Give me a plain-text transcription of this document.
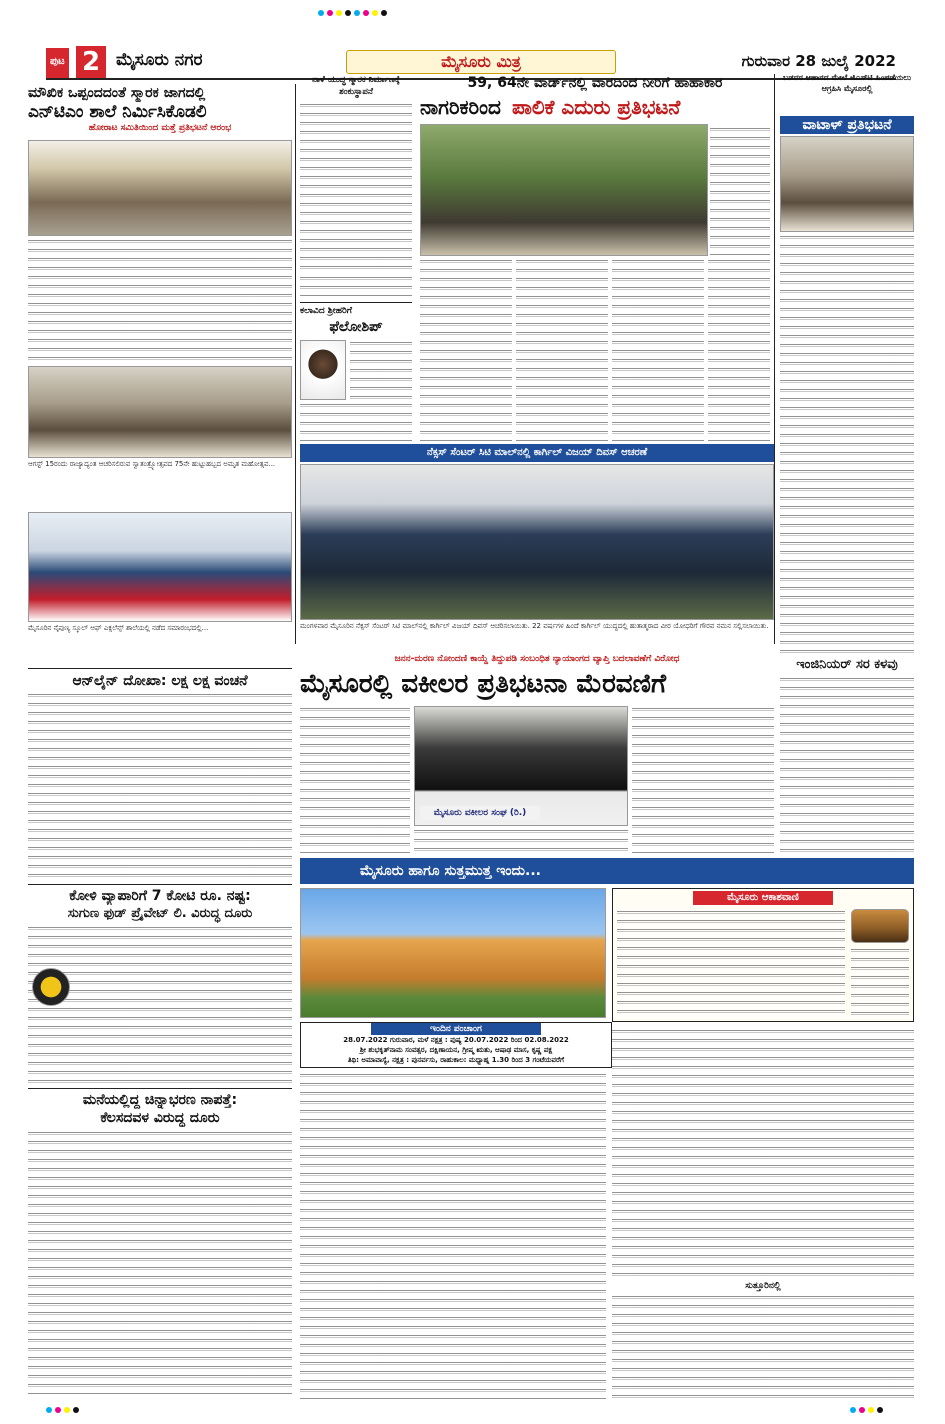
ಪುಟ 2 ಮೈಸೂರು ನಗರ	ಮೈಸೂರು ಮಿತ್ರ	ಗುರುವಾರ 28 ಜುಲೈ 2022
ಮೌಖಿಕ ಒಪ್ಪಂದದಂತೆ ಸ್ಮಾರಕ ಜಾಗದಲ್ಲಿ
ಎನ್‌ಟಿಎಂ ಶಾಲೆ ನಿರ್ಮಿಸಿಕೊಡಲಿ
ಹೋರಾಟ ಸಮಿತಿಯಿಂದ ಮತ್ತೆ ಪ್ರತಿಭಟನೆ ಆರಂಭ
ಆಗಸ್ಟ್ 15ರಂದು ರಾಜ್ಯಾದ್ಯಂತ ಆಚರಿಸಲಿರುವ ಸ್ವಾತಂತ್ರ್ಯೋತ್ಸವದ 75ನೇ ಹುಟ್ಟುಹಬ್ಬದ ಅಮೃತ ಮಹೋತ್ಸವ...
ಮೈಸೂರಿನ ನೈಪುಣ್ಯ ಸ್ಕೂಲ್ ಆಫ್ ಎಕ್ಸಲೆನ್ಸ್ ಶಾಲೆಯಲ್ಲಿ ನಡೆದ ಸಮಾರಂಭದಲ್ಲಿ...
ಆನ್‌ಲೈನ್ ದೋಖಾ: ಲಕ್ಷ ಲಕ್ಷ ವಂಚನೆ
ಕೋಳಿ ವ್ಯಾಪಾರಿಗೆ 7 ಕೋಟಿ ರೂ. ನಷ್ಟ:
ಸುಗುಣ ಫುಡ್ ಪ್ರೈವೇಟ್ ಲಿ. ವಿರುದ್ಧ ದೂರು
ಮನೆಯಲ್ಲಿದ್ದ ಚಿನ್ನಾಭರಣ ನಾಪತ್ತೆ:
ಕೆಲಸದವಳ ವಿರುದ್ಧ ದೂರು
ನಾಳೆ ಯುದ್ಧ ಸ್ಮಾರಕ ನಿರ್ಮಾಣಕ್ಕೆ ಶಂಕುಸ್ಥಾಪನೆ
ಕಲಾವಿದ ಶ್ರೀಹರಿಗೆ
ಫೆಲೋಶಿಪ್
59, 64ನೇ ವಾರ್ಡ್‌ನಲ್ಲಿ ವಾರದಿಂದ ನೀರಿಗೆ ಹಾಹಾಕಾರ
ನಾಗರಿಕರಿಂದ ಪಾಲಿಕೆ ಎದುರು ಪ್ರತಿಭಟನೆ
ಬಡವರ ಆಹಾರದ ಮೇಲೆ ಜಿಎಸ್‌ಟಿ ಹಿಂಪಡೆಯಲು ಆಗ್ರಹಿಸಿ ಮೈಸೂರಲ್ಲಿ
ವಾಟಾಳ್ ಪ್ರತಿಭಟನೆ
ನೆಕ್ಸಸ್ ಸೆಂಟರ್ ಸಿಟಿ ಮಾಲ್‌ನಲ್ಲಿ ಕಾರ್ಗಿಲ್ ವಿಜಯ್ ದಿವಸ್ ಆಚರಣೆ
ಮಂಗಳವಾರ ಮೈಸೂರಿನ ನೆಕ್ಸಸ್ ಸೆಂಟರ್ ಸಿಟಿ ಮಾಲ್‌ನಲ್ಲಿ ಕಾರ್ಗಿಲ್ ವಿಜಯ್ ದಿವಸ್ ಆಚರಿಸಲಾಯಿತು. 22 ವರ್ಷಗಳ ಹಿಂದೆ ಕಾರ್ಗಿಲ್ ಯುದ್ಧದಲ್ಲಿ ಹುತಾತ್ಮರಾದ ವೀರ ಯೋಧರಿಗೆ ಗೌರವ ನಮನ ಸಲ್ಲಿಸಲಾಯಿತು.
ಜನನ-ಮರಣ ನೋಂದಣಿ ಕಾಯ್ದೆ ತಿದ್ದುಪಡಿ ಸಂಬಂಧಿತ ನ್ಯಾಯಾಂಗದ ವ್ಯಾಪ್ತಿ ಬದಲಾವಣೆಗೆ ವಿರೋಧ
ಮೈಸೂರಲ್ಲಿ ವಕೀಲರ ಪ್ರತಿಭಟನಾ ಮೆರವಣಿಗೆ
ಮೈಸೂರು ವಕೀಲರ ಸಂಘ (ರಿ.)
ಇಂಜಿನಿಯರ್ ಸರ ಕಳವು
ಮೈಸೂರು ಹಾಗೂ ಸುತ್ತಮುತ್ತ ಇಂದು...
ಮೈಸೂರು ಆಕಾಶವಾಣಿ
ಇಂದಿನ ಪಂಚಾಂಗ
28.07.2022 ಗುರುವಾರ, ಮಳೆ ನಕ್ಷತ್ರ : ಪುಷ್ಯ 20.07.2022 ರಿಂದ 02.08.2022
ಶ್ರೀ ಶುಭಕೃತ್‌ನಾಮ ಸಂವತ್ಸರ, ದಕ್ಷಿಣಾಯನ, ಗ್ರೀಷ್ಮ ಋತು, ಆಷಾಢ ಮಾಸ, ಕೃಷ್ಣ ಪಕ್ಷ
ತಿಥಿ: ಅಮಾವಾಸ್ಯೆ, ನಕ್ಷತ್ರ : ಪುನರ್ವಸು, ರಾಹುಕಾಲ: ಮಧ್ಯಾಹ್ನ 1.30 ರಿಂದ 3 ಗಂಟೆಯವರೆಗೆ
ಸುತ್ತೂರಿನಲ್ಲಿ
